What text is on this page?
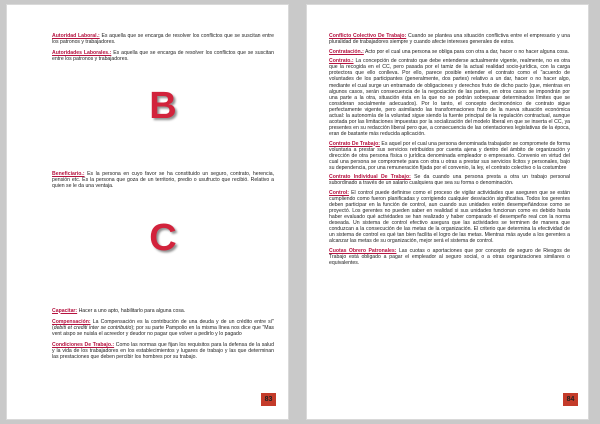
Autoridad Laboral.: Es aquella que se encarga de resolver los conflictos que se suscitan entre los patronos y trabajadores.

Autoridades Laborales.: Es aquella que se encarga de resolver los conflictos que se suscitan entre los patronos y trabajadores.

B

Beneficiario.: Es la persona en cuyo favor se ha constituido un seguro, contrato, herencia, pensión etc. Es la persona que goza de un territorio, predio o usufructo que recibió. Relativo a quien se le da una ventaja.

C

Capacitar: Hacer a uno apto, habilitarlo para alguna cosa.

Compensación: La Compensación es la contribución de una deuda y de un crédito entre sí" (debiti et crediti inter se contributio); por su parte Pampolio en la misma línea nos dice que "Mas vent aispo se nuisla el acreedor y deudor no pagar que volver a pedirlo y lo pagado

Condiciones De Trabajo.: Como las normas que fijan los requisitos para la defensa de la salud y la vida de los trabajadores en los establecimientos y lugares de trabajo y las que determinan las prestaciones que deben percibir los hombres por su trabajo.

83

Conflicto Colectivo De Trabajo: Cuando se plantea una situación conflictiva entre el empresario y una pluralidad de trabajadores siempre y cuando afecte intereses generales de estos.

Contratación.: Acto por el cual una persona se obliga para con otra a dar, hacer o no hacer alguna cosa.

Contrato.: La concepción de contrato que debe entenderse actualmente vigente, realmente, no es otra que la recogida en el CC, pero pasada por el tamiz de la actual realidad socio-jurídica, con la carga protectora que ello conlleva. Por ello, parece posible entender el contrato como el "acuerdo de voluntades de los participantes (generalmente, dos partes) relativo a un dar, hacer o no hacer algo, mediante el cual surge un entramado de obligaciones y derechos fruto de dicho pacto (que, mientras en algunos casos, serán consecuencia de la negociación de las partes, en otros casos se impondrán por una parte a la otra, situación ésta en la que no se podrán sobrepasar determinados límites que se consideran socialmente adecuados). Por lo tanto, el concepto decimonónico de contrato sigue perfectamente vigente, pero asimilando las transformaciones fruto de la nueva situación económica actual: la autonomía de la voluntad sigue siendo la fuente principal de la regulación contractual, aunque acotada por las limitaciones impuestas por la socialización del modelo liberal en que se inserta el CC, ya presentes en su redacción liberal pero que, a consecuencia de las orientaciones legislativas de la época, eran de bastante más reducida aplicación.

Contrato De Trabajo: Es aquel por el cual una persona denominada trabajador se compromete de forma voluntaria a prestar sus servicios retribuidos por cuenta ajena y dentro del ámbito de organización y dirección de otra persona física o jurídica denominada empleador o empresario. Convenio en virtud del cual una persona se compromete para con otra u otras a prestar sus servicios lícitos y personales, bajo su dependencia, por una remuneración fijada por el convenio, la ley, el contrato colectivo o la costumbre

Contrato Individual De Trabajo: Se da cuando una persona presta a otra un trabajo personal subordinado a través de un salario cualquiera que sea su forma o denominación.

Control: El control puede definirse como el proceso de vigilar actividades que aseguren que se están cumpliendo como fueron planificadas y corrigiendo cualquier desviación significativa. Todos los gerentes deben participar en la función de control, aun cuando sus unidades estén desempeñándose como se proyectó. Los gerentes no pueden saber en realidad si sus unidades funcionan como es debido hasta haber evaluado qué actividades se han realizado y haber comparado el desempeño real con la norma deseada. Un sistema de control efectivo asegura que las actividades se terminen de manera que conduzcan a la consecución de las metas de la organización. El criterio que determina la efectividad de un sistema de control es qué tan bien facilita el logro de las metas. Mientras más ayude a los gerentes a alcanzar las metas de su organización, mejor será el sistema de control.

Cuotas Obrero Patronales: Las cuotas o aportaciones que por concepto de seguro de Riesgos de Trabajo está obligado a pagar el empleador al seguro social, o a otras organizaciones similares o equivalentes.

84
